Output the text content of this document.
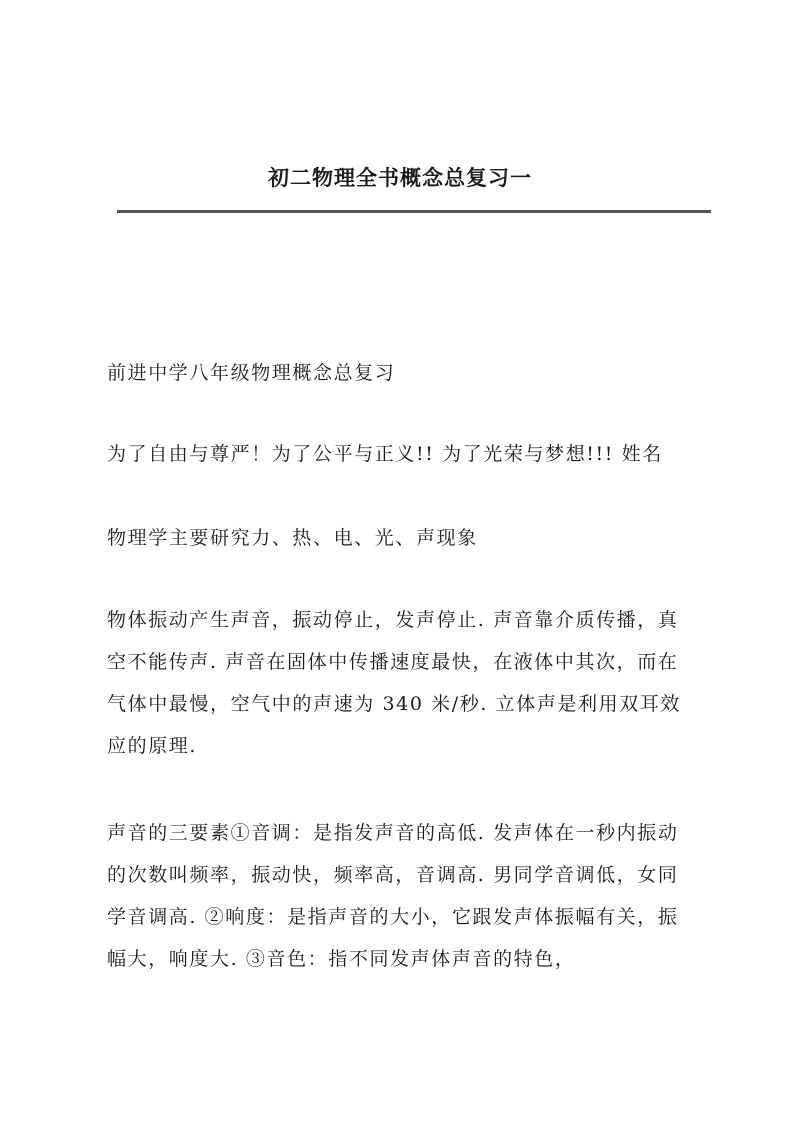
初二物理全书概念总复习一
前进中学八年级物理概念总复习
为了自由与尊严！为了公平与正义!! 为了光荣与梦想!!! 姓名
物理学主要研究力、热、电、光、声现象
物体振动产生声音，振动停止，发声停止. 声音靠介质传播，真
空不能传声. 声音在固体中传播速度最快，在液体中其次，而在
气体中最慢，空气中的声速为 340 米/秒. 立体声是利用双耳效
应的原理.
声音的三要素①音调：是指发声音的高低. 发声体在一秒内振动
的次数叫频率，振动快，频率高，音调高. 男同学音调低，女同
学音调高. ②响度：是指声音的大小，它跟发声体振幅有关，振
幅大，响度大. ③音色：指不同发声体声音的特色，
